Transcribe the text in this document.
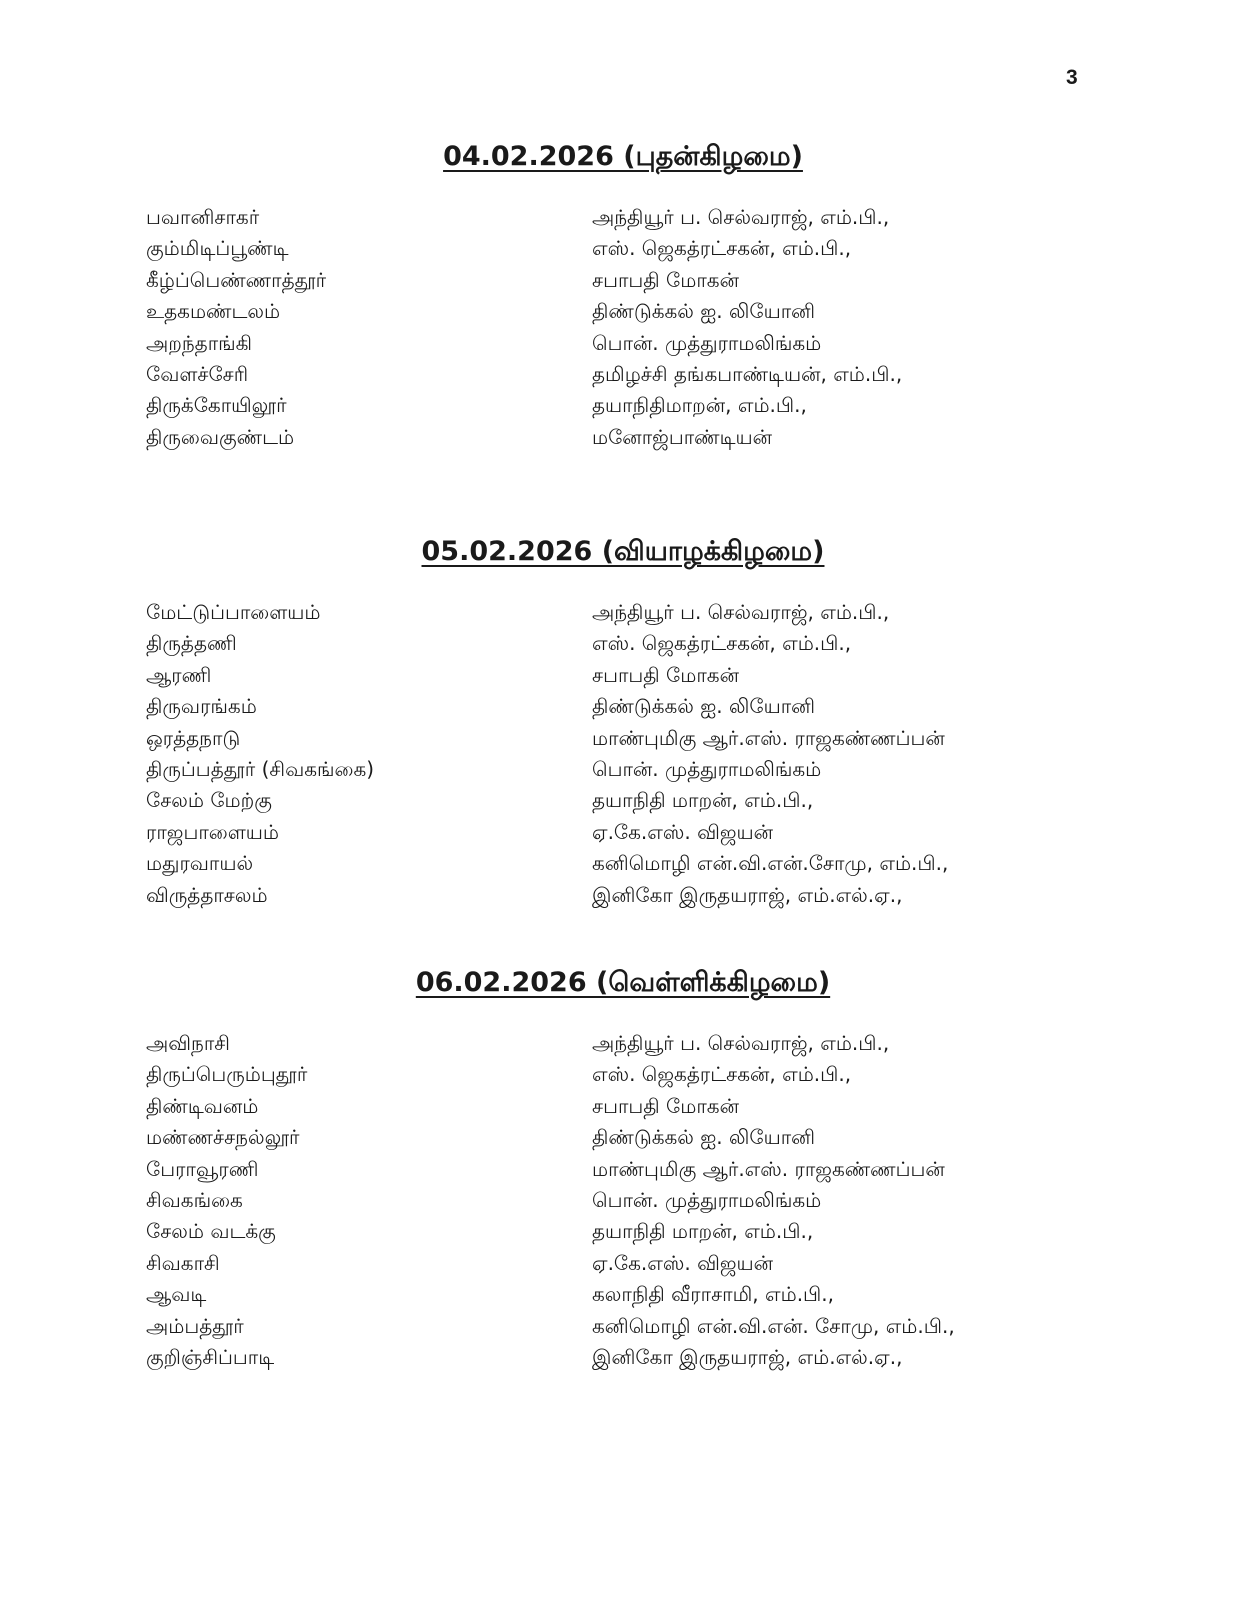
3
04.02.2026 (புதன்கிழமை)
பவானிசாகர்	அந்தியூர் ப. செல்வராஜ், எம்.பி.,
கும்மிடிப்பூண்டி	எஸ். ஜெகத்ரட்சகன், எம்.பி.,
கீழ்ப்பெண்ணாத்தூர்	சபாபதி மோகன்
உதகமண்டலம்	திண்டுக்கல் ஐ. லியோனி
அறந்தாங்கி	பொன். முத்துராமலிங்கம்
வேளச்சேரி	தமிழச்சி தங்கபாண்டியன், எம்.பி.,
திருக்கோயிலூர்	தயாநிதிமாறன், எம்.பி.,
திருவைகுண்டம்	மனோஜ்பாண்டியன்
05.02.2026 (வியாழக்கிழமை)
மேட்டுப்பாளையம்	அந்தியூர் ப. செல்வராஜ், எம்.பி.,
திருத்தணி	எஸ். ஜெகத்ரட்சகன், எம்.பி.,
ஆரணி	சபாபதி மோகன்
திருவரங்கம்	திண்டுக்கல் ஐ. லியோனி
ஒரத்தநாடு	மாண்புமிகு ஆர்.எஸ். ராஜகண்ணப்பன்
திருப்பத்தூர் (சிவகங்கை)	பொன். முத்துராமலிங்கம்
சேலம் மேற்கு	தயாநிதி மாறன், எம்.பி.,
ராஜபாளையம்	ஏ.கே.எஸ். விஜயன்
மதுரவாயல்	கனிமொழி என்.வி.என்.சோமு, எம்.பி.,
விருத்தாசலம்	இனிகோ இருதயராஜ், எம்.எல்.ஏ.,
06.02.2026 (வெள்ளிக்கிழமை)
அவிநாசி	அந்தியூர் ப. செல்வராஜ், எம்.பி.,
திருப்பெரும்புதூர்	எஸ். ஜெகத்ரட்சகன், எம்.பி.,
திண்டிவனம்	சபாபதி மோகன்
மண்ணச்சநல்லூர்	திண்டுக்கல் ஐ. லியோனி
பேராவூரணி	மாண்புமிகு ஆர்.எஸ். ராஜகண்ணப்பன்
சிவகங்கை	பொன். முத்துராமலிங்கம்
சேலம் வடக்கு	தயாநிதி மாறன், எம்.பி.,
சிவகாசி	ஏ.கே.எஸ். விஜயன்
ஆவடி	கலாநிதி வீராசாமி, எம்.பி.,
அம்பத்தூர்	கனிமொழி என்.வி.என். சோமு, எம்.பி.,
குறிஞ்சிப்பாடி	இனிகோ இருதயராஜ், எம்.எல்.ஏ.,
